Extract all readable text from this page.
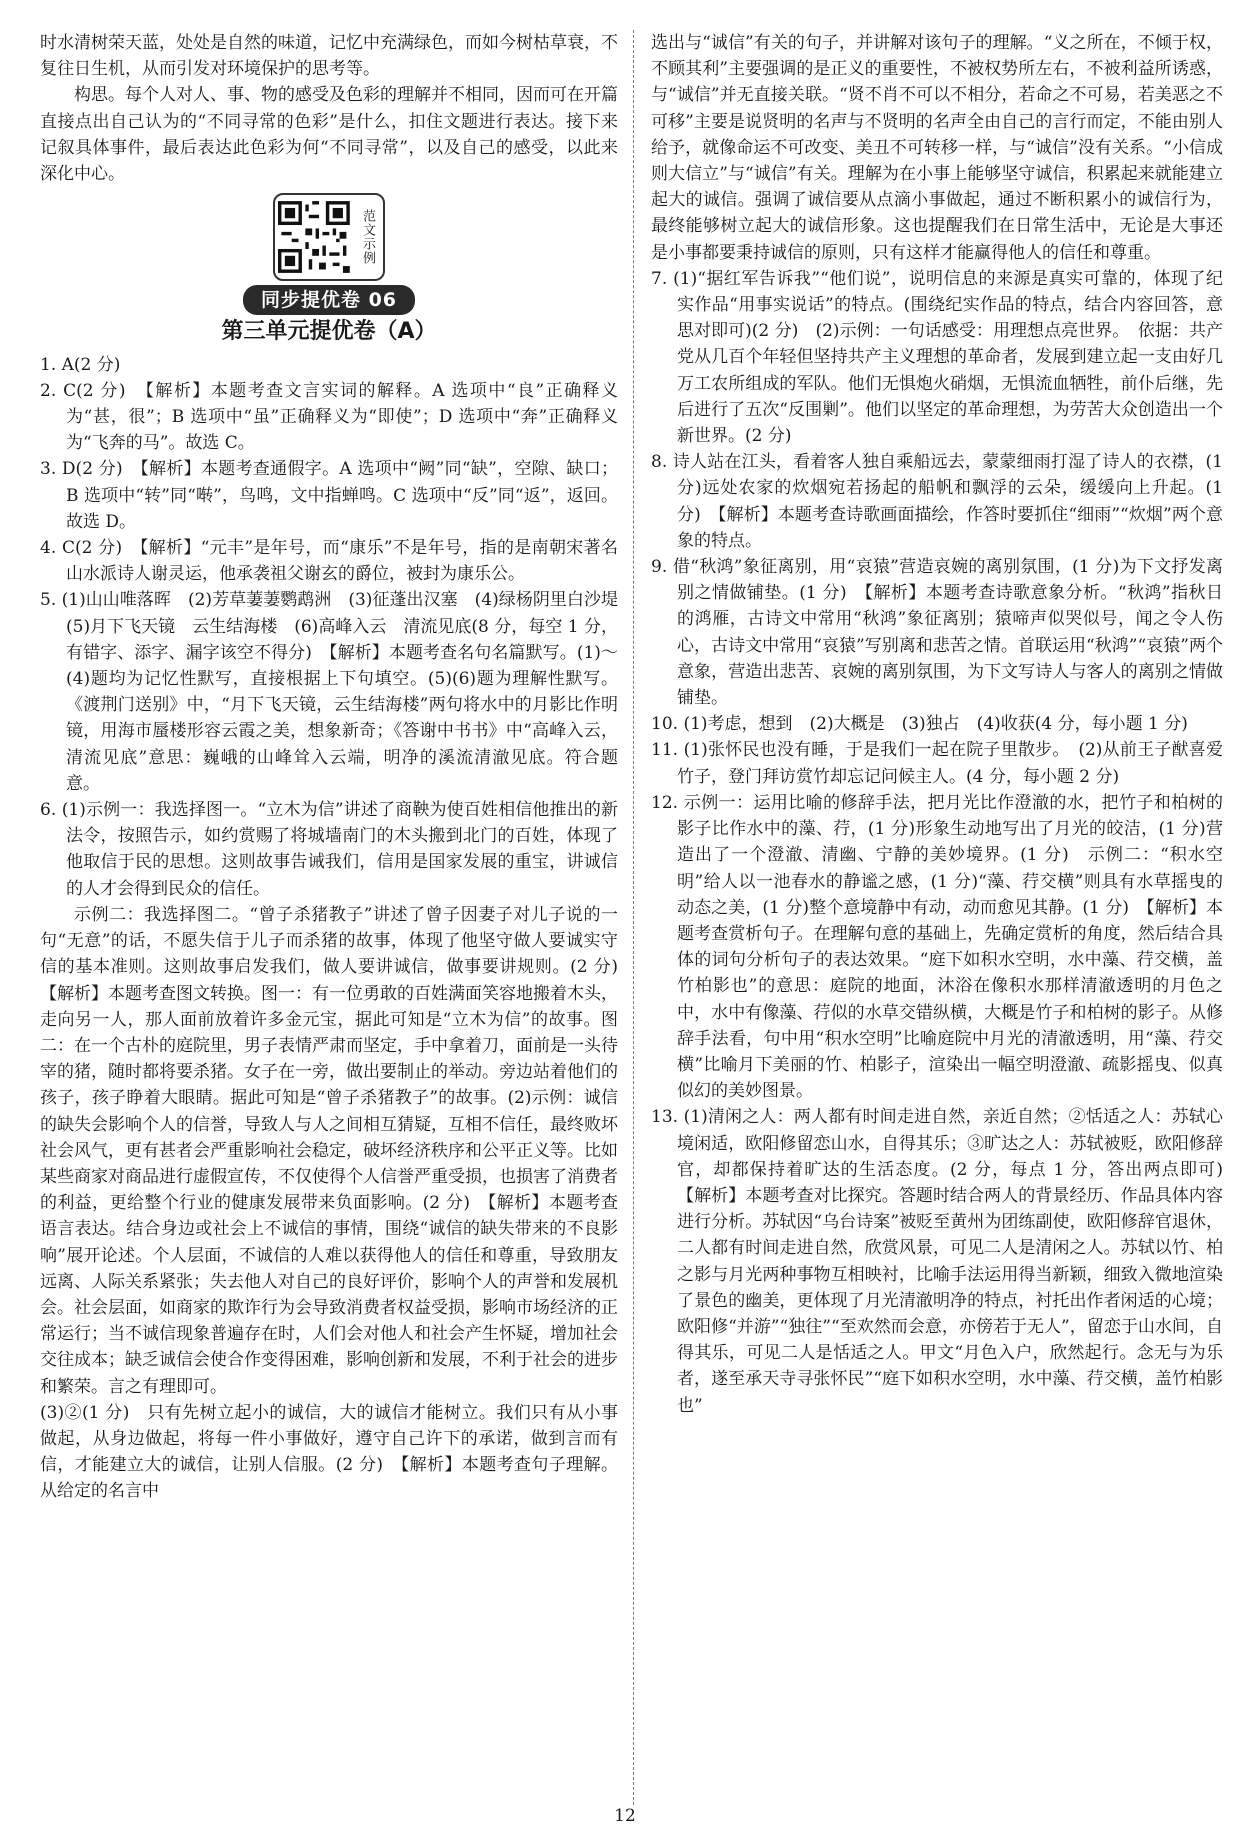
时水清树荣天蓝，处处是自然的味道，记忆中充满绿色，而如今树枯草衰，不复往日生机，从而引发对环境保护的思考等。

构思。每个人对人、事、物的感受及色彩的理解并不相同，因而可在开篇直接点出自己认为的“不同寻常的色彩”是什么，扣住文题进行表达。接下来记叙具体事件，最后表达此色彩为何“不同寻常”，以及自己的感受，以此来深化中心。

范文示例
同步提优卷 06
第三单元提优卷（A）

1. A(2 分)

2. C(2 分)　【解析】本题考查文言实词的解释。A 选项中“良”正确释义为“甚，很”；B 选项中“虽”正确释义为“即使”；D 选项中“奔”正确释义为“飞奔的马”。故选 C。

3. D(2 分)　【解析】本题考查通假字。A 选项中“阙”同“缺”，空隙、缺口；B 选项中“转”同“啭”，鸟鸣，文中指蝉鸣。C 选项中“反”同“返”，返回。故选 D。

4. C(2 分)　【解析】“元丰”是年号，而“康乐”不是年号，指的是南朝宋著名山水派诗人谢灵运，他承袭祖父谢玄的爵位，被封为康乐公。

5. (1)山山唯落晖　(2)芳草萋萋鹦鹉洲　(3)征蓬出汉塞　(4)绿杨阴里白沙堤　(5)月下飞天镜　云生结海楼　(6)高峰入云　清流见底(8 分，每空 1 分，有错字、添字、漏字该空不得分)　【解析】本题考查名句名篇默写。(1)～(4)题均为记忆性默写，直接根据上下句填空。(5)(6)题为理解性默写。《渡荆门送别》中，“月下飞天镜，云生结海楼”两句将水中的月影比作明镜，用海市蜃楼形容云霞之美，想象新奇；《答谢中书书》中“高峰入云，清流见底”意思：巍峨的山峰耸入云端，明净的溪流清澈见底。符合题意。

6. (1)示例一：我选择图一。“立木为信”讲述了商鞅为使百姓相信他推出的新法令，按照告示，如约赏赐了将城墙南门的木头搬到北门的百姓，体现了他取信于民的思想。这则故事告诫我们，信用是国家发展的重宝，讲诚信的人才会得到民众的信任。

示例二：我选择图二。“曾子杀猪教子”讲述了曾子因妻子对儿子说的一句“无意”的话，不愿失信于儿子而杀猪的故事，体现了他坚守做人要诚实守信的基本准则。这则故事启发我们，做人要讲诚信，做事要讲规则。(2 分)　【解析】本题考查图文转换。图一：有一位勇敢的百姓满面笑容地搬着木头，走向另一人，那人面前放着许多金元宝，据此可知是“立木为信”的故事。图二：在一个古朴的庭院里，男子表情严肃而坚定，手中拿着刀，面前是一头待宰的猪，随时都将要杀猪。女子在一旁，做出要制止的举动。旁边站着他们的孩子，孩子睁着大眼睛。据此可知是“曾子杀猪教子”的故事。(2)示例：诚信的缺失会影响个人的信誉，导致人与人之间相互猜疑，互相不信任，最终败坏社会风气，更有甚者会严重影响社会稳定，破坏经济秩序和公平正义等。比如某些商家对商品进行虚假宣传，不仅使得个人信誉严重受损，也损害了消费者的利益，更给整个行业的健康发展带来负面影响。(2 分)　【解析】本题考查语言表达。结合身边或社会上不诚信的事情，围绕“诚信的缺失带来的不良影响”展开论述。个人层面，不诚信的人难以获得他人的信任和尊重，导致朋友远离、人际关系紧张；失去他人对自己的良好评价，影响个人的声誉和发展机会。社会层面，如商家的欺诈行为会导致消费者权益受损，影响市场经济的正常运行；当不诚信现象普遍存在时，人们会对他人和社会产生怀疑，增加社会交往成本；缺乏诚信会使合作变得困难，影响创新和发展，不利于社会的进步和繁荣。言之有理即可。

(3)②(1 分)　只有先树立起小的诚信，大的诚信才能树立。我们只有从小事做起，从身边做起，将每一件小事做好，遵守自己许下的承诺，做到言而有信，才能建立大的诚信，让别人信服。(2 分)　【解析】本题考查句子理解。从给定的名言中

选出与“诚信”有关的句子，并讲解对该句子的理解。“义之所在，不倾于权，不顾其利”主要强调的是正义的重要性，不被权势所左右，不被利益所诱惑，与“诚信”并无直接关联。“贤不肖不可以不相分，若命之不可易，若美恶之不可移”主要是说贤明的名声与不贤明的名声全由自己的言行而定，不能由别人给予，就像命运不可改变、美丑不可转移一样，与“诚信”没有关系。“小信成则大信立”与“诚信”有关。理解为在小事上能够坚守诚信，积累起来就能建立起大的诚信。强调了诚信要从点滴小事做起，通过不断积累小的诚信行为，最终能够树立起大的诚信形象。这也提醒我们在日常生活中，无论是大事还是小事都要秉持诚信的原则，只有这样才能赢得他人的信任和尊重。

7. (1)“据红军告诉我”“他们说”，说明信息的来源是真实可靠的，体现了纪实作品“用事实说话”的特点。(围绕纪实作品的特点，结合内容回答，意思对即可)(2 分)　(2)示例：一句话感受：用理想点亮世界。　依据：共产党从几百个年轻但坚持共产主义理想的革命者，发展到建立起一支由好几万工农所组成的军队。他们无惧炮火硝烟，无惧流血牺牲，前仆后继，先后进行了五次“反围剿”。他们以坚定的革命理想，为劳苦大众创造出一个新世界。(2 分)

8. 诗人站在江头，看着客人独自乘船远去，蒙蒙细雨打湿了诗人的衣襟，(1 分)远处农家的炊烟宛若扬起的船帆和飘浮的云朵，缓缓向上升起。(1 分)　【解析】本题考查诗歌画面描绘，作答时要抓住“细雨”“炊烟”两个意象的特点。

9. 借“秋鸿”象征离别，用“哀猿”营造哀婉的离别氛围，(1 分)为下文抒发离别之情做铺垫。(1 分)　【解析】本题考查诗歌意象分析。“秋鸿”指秋日的鸿雁，古诗文中常用“秋鸿”象征离别；猿啼声似哭似号，闻之令人伤心，古诗文中常用“哀猿”写别离和悲苦之情。首联运用“秋鸿”“哀猿”两个意象，营造出悲苦、哀婉的离别氛围，为下文写诗人与客人的离别之情做铺垫。

10. (1)考虑，想到　(2)大概是　(3)独占　(4)收获(4 分，每小题 1 分)

11. (1)张怀民也没有睡，于是我们一起在院子里散步。　(2)从前王子猷喜爱竹子，登门拜访赏竹却忘记问候主人。(4 分，每小题 2 分)

12. 示例一：运用比喻的修辞手法，把月光比作澄澈的水，把竹子和柏树的影子比作水中的藻、荇，(1 分)形象生动地写出了月光的皎洁，(1 分)营造出了一个澄澈、清幽、宁静的美妙境界。(1 分)　示例二：“积水空明”给人以一池春水的静谧之感，(1 分)“藻、荇交横”则具有水草摇曳的动态之美，(1 分)整个意境静中有动，动而愈见其静。(1 分)　【解析】本题考查赏析句子。在理解句意的基础上，先确定赏析的角度，然后结合具体的词句分析句子的表达效果。“庭下如积水空明，水中藻、荇交横，盖竹柏影也”的意思：庭院的地面，沐浴在像积水那样清澈透明的月色之中，水中有像藻、荇似的水草交错纵横，大概是竹子和柏树的影子。从修辞手法看，句中用“积水空明”比喻庭院中月光的清澈透明，用“藻、荇交横”比喻月下美丽的竹、柏影子，渲染出一幅空明澄澈、疏影摇曳、似真似幻的美妙图景。

13. (1)清闲之人：两人都有时间走进自然，亲近自然；②恬适之人：苏轼心境闲适，欧阳修留恋山水，自得其乐；③旷达之人：苏轼被贬，欧阳修辞官，却都保持着旷达的生活态度。(2 分，每点 1 分，答出两点即可)　【解析】本题考查对比探究。答题时结合两人的背景经历、作品具体内容进行分析。苏轼因“乌台诗案”被贬至黄州为团练副使，欧阳修辞官退休，二人都有时间走进自然，欣赏风景，可见二人是清闲之人。苏轼以竹、柏之影与月光两种事物互相映衬，比喻手法运用得当新颖，细致入微地渲染了景色的幽美，更体现了月光清澈明净的特点，衬托出作者闲适的心境；欧阳修“并游”“独往”“至欢然而会意，亦傍若于无人”，留恋于山水间，自得其乐，可见二人是恬适之人。甲文“月色入户，欣然起行。念无与为乐者，遂至承天寺寻张怀民”“庭下如积水空明，水中藻、荇交横，盖竹柏影也”

12
